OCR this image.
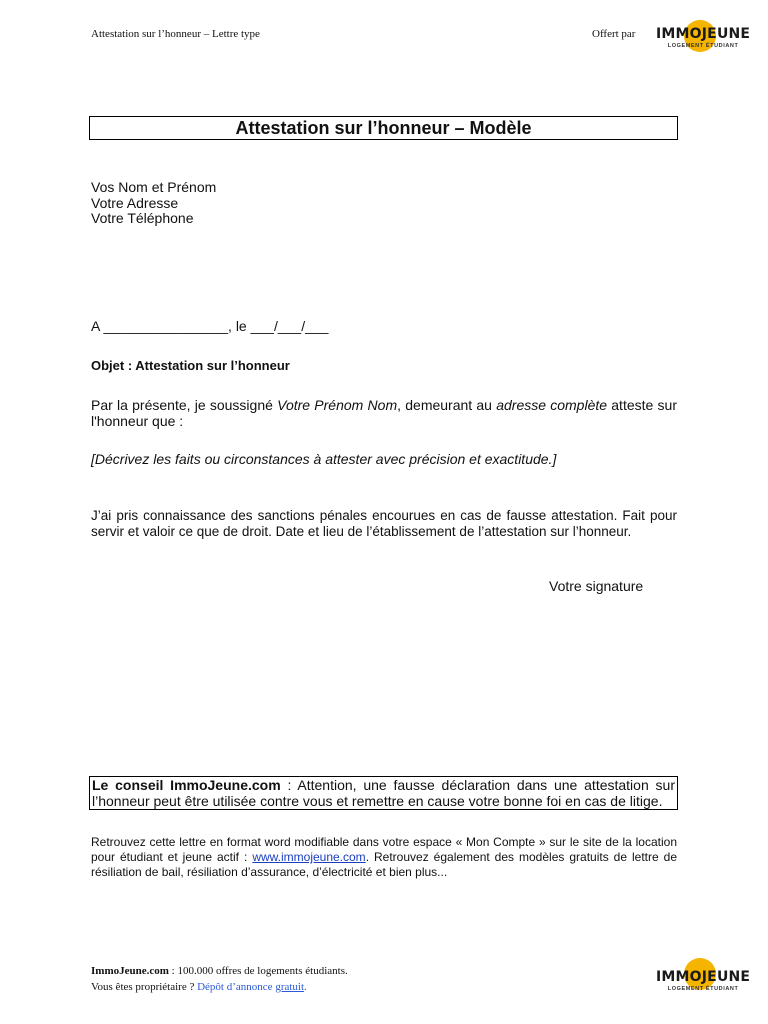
Attestation sur l’honneur – Lettre type	Offert par IMMOJEUNE
LOGEMENT ÉTUDIANT
Attestation sur l’honneur – Modèle
Vos Nom et Prénom
Votre Adresse
Votre Téléphone
A ________________, le ___/___/___
Objet : Attestation sur l’honneur
Par la présente, je soussigné Votre Prénom Nom, demeurant au adresse complète atteste sur l'honneur que :
[Décrivez les faits ou circonstances à attester avec précision et exactitude.]
J’ai pris connaissance des sanctions pénales encourues en cas de fausse attestation. Fait pour servir et valoir ce que de droit. Date et lieu de l’établissement de l’attestation sur l’honneur.
Votre signature
Le conseil ImmoJeune.com : Attention, une fausse déclaration dans une attestation sur l’honneur peut être utilisée contre vous et remettre en cause votre bonne foi en cas de litige.
Retrouvez cette lettre en format word modifiable dans votre espace « Mon Compte » sur le site de la location pour étudiant et jeune actif : www.immojeune.com. Retrouvez également des modèles gratuits de lettre de résiliation de bail, résiliation d’assurance, d’électricité et bien plus...
ImmoJeune.com : 100.000 offres de logements étudiants.
Vous êtes propriétaire ? Dépôt d’annonce gratuit.
IMMOJEUNE
LOGEMENT ÉTUDIANT
